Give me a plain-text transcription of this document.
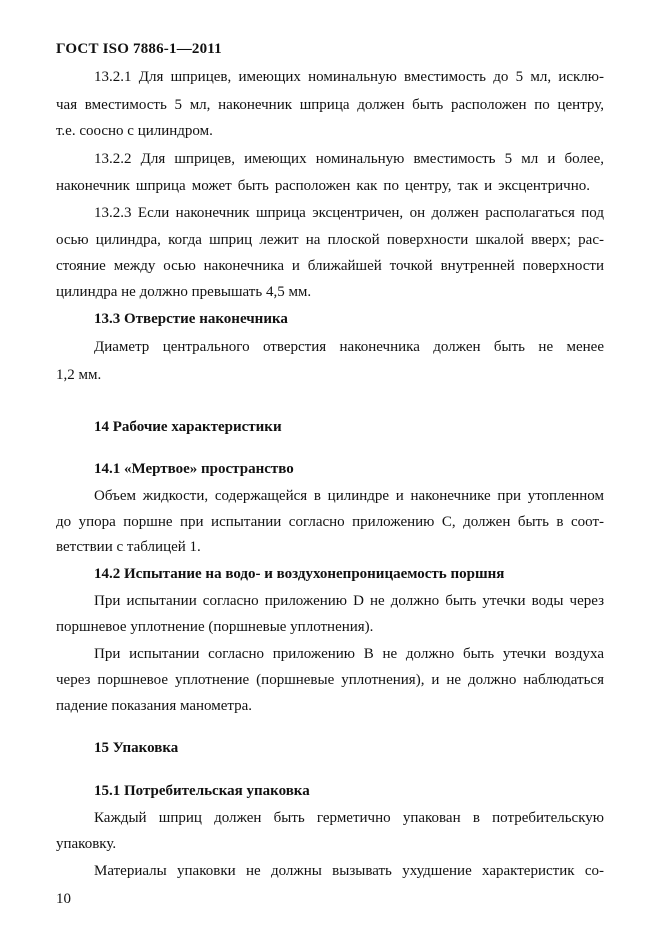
ГОСТ ISO 7886-1—2011
13.2.1 Для шприцев, имеющих номинальную вместимость до 5 мл, исклю-
чая вместимость 5 мл, наконечник шприца должен быть расположен по центру,
т.е. соосно с цилиндром.
13.2.2 Для шприцев, имеющих номинальную вместимость 5 мл и более,
наконечник шприца может быть расположен как по центру, так и эксцентрично.
13.2.3 Если наконечник шприца эксцентричен, он должен располагаться под
осью цилиндра, когда шприц лежит на плоской поверхности шкалой вверх; рас-
стояние между осью наконечника и ближайшей точкой внутренней поверхности
цилиндра не должно превышать 4,5 мм.
13.3 Отверстие наконечника
Диаметр центрального отверстия наконечника должен быть не менее
1,2 мм.
14 Рабочие характеристики
14.1 «Мертвое» пространство
Объем жидкости, содержащейся в цилиндре и наконечнике при утопленном
до упора поршне при испытании согласно приложению С, должен быть в соот-
ветствии с таблицей 1.
14.2 Испытание на водо- и воздухонепроницаемость поршня
При испытании согласно приложению D не должно быть утечки воды через
поршневое уплотнение (поршневые уплотнения).
При испытании согласно приложению В не должно быть утечки воздуха
через поршневое уплотнение (поршневые уплотнения), и не должно наблюдаться
падение показания манометра.
15 Упаковка
15.1 Потребительская упаковка
Каждый шприц должен быть герметично упакован в потребительскую
упаковку.
Материалы упаковки не должны вызывать ухудшение характеристик со-
10
